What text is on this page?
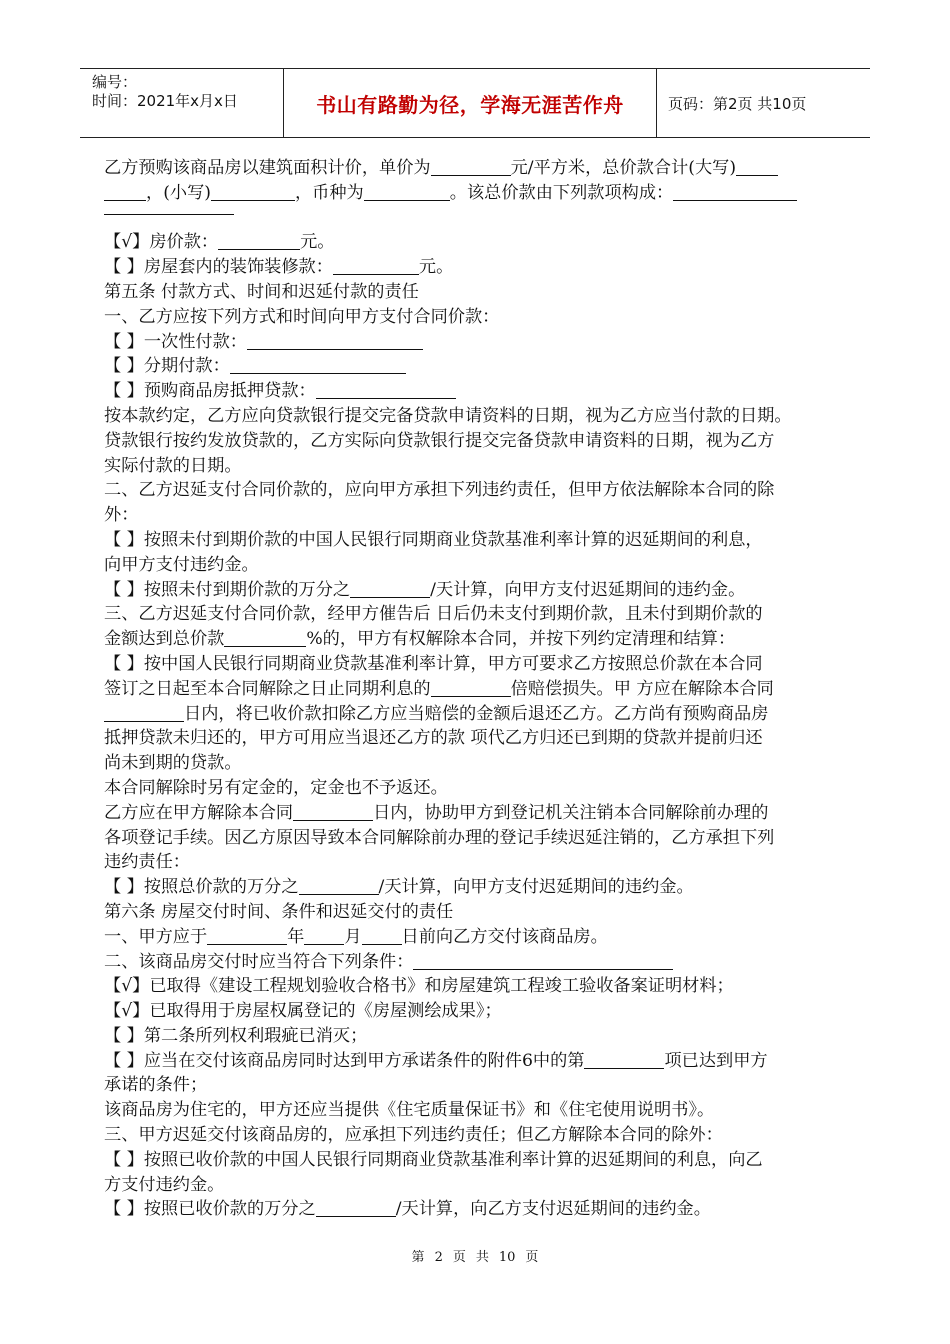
编号：
时间：2021年x月x日	书山有路勤为径，学海无涯苦作舟	页码：第2页 共10页

乙方预购该商品房以建筑面积计价，单价为	元/平方米，总价款合计(大写)

，(小写)	，币种为	。该总价款由下列款项构成：

【√】房价款：	元。

【 】房屋套内的装饰装修款：	元。

第五条 付款方式、时间和迟延付款的责任

一、乙方应按下列方式和时间向甲方支付合同价款：

【 】一次性付款：

【 】分期付款：

【 】预购商品房抵押贷款：

按本款约定，乙方应向贷款银行提交完备贷款申请资料的日期，视为乙方应当付款的日期。

贷款银行按约发放贷款的，乙方实际向贷款银行提交完备贷款申请资料的日期，视为乙方

实际付款的日期。

二、乙方迟延支付合同价款的，应向甲方承担下列违约责任，但甲方依法解除本合同的除

外：

【 】按照未付到期价款的中国人民银行同期商业贷款基准利率计算的迟延期间的利息，

向甲方支付违约金。

【 】按照未付到期价款的万分之	/天计算，向甲方支付迟延期间的违约金。

三、乙方迟延支付合同价款，经甲方催告后 日后仍未支付到期价款，且未付到期价款的

金额达到总价款	%的，甲方有权解除本合同，并按下列约定清理和结算：

【 】按中国人民银行同期商业贷款基准利率计算，甲方可要求乙方按照总价款在本合同

签订之日起至本合同解除之日止同期利息的	倍赔偿损失。甲 方应在解除本合同

日内，将已收价款扣除乙方应当赔偿的金额后退还乙方。乙方尚有预购商品房

抵押贷款未归还的，甲方可用应当退还乙方的款 项代乙方归还已到期的贷款并提前归还

尚未到期的贷款。

本合同解除时另有定金的，定金也不予返还。

乙方应在甲方解除本合同	日内，协助甲方到登记机关注销本合同解除前办理的

各项登记手续。因乙方原因导致本合同解除前办理的登记手续迟延注销的，乙方承担下列

违约责任：

【 】按照总价款的万分之	/天计算，向甲方支付迟延期间的违约金。

第六条 房屋交付时间、条件和迟延交付的责任

一、甲方应于	年 月 日前向乙方交付该商品房。

二、该商品房交付时应当符合下列条件：

【√】已取得《建设工程规划验收合格书》和房屋建筑工程竣工验收备案证明材料；

【√】已取得用于房屋权属登记的《房屋测绘成果》；

【 】第二条所列权利瑕疵已消灭；

【 】应当在交付该商品房同时达到甲方承诺条件的附件6中的第	项已达到甲方

承诺的条件；

该商品房为住宅的，甲方还应当提供《住宅质量保证书》和《住宅使用说明书》。

三、甲方迟延交付该商品房的，应承担下列违约责任；但乙方解除本合同的除外：

【 】按照已收价款的中国人民银行同期商业贷款基准利率计算的迟延期间的利息，向乙

方支付违约金。

【 】按照已收价款的万分之	/天计算，向乙方支付迟延期间的违约金。

第 2 页 共 10 页
